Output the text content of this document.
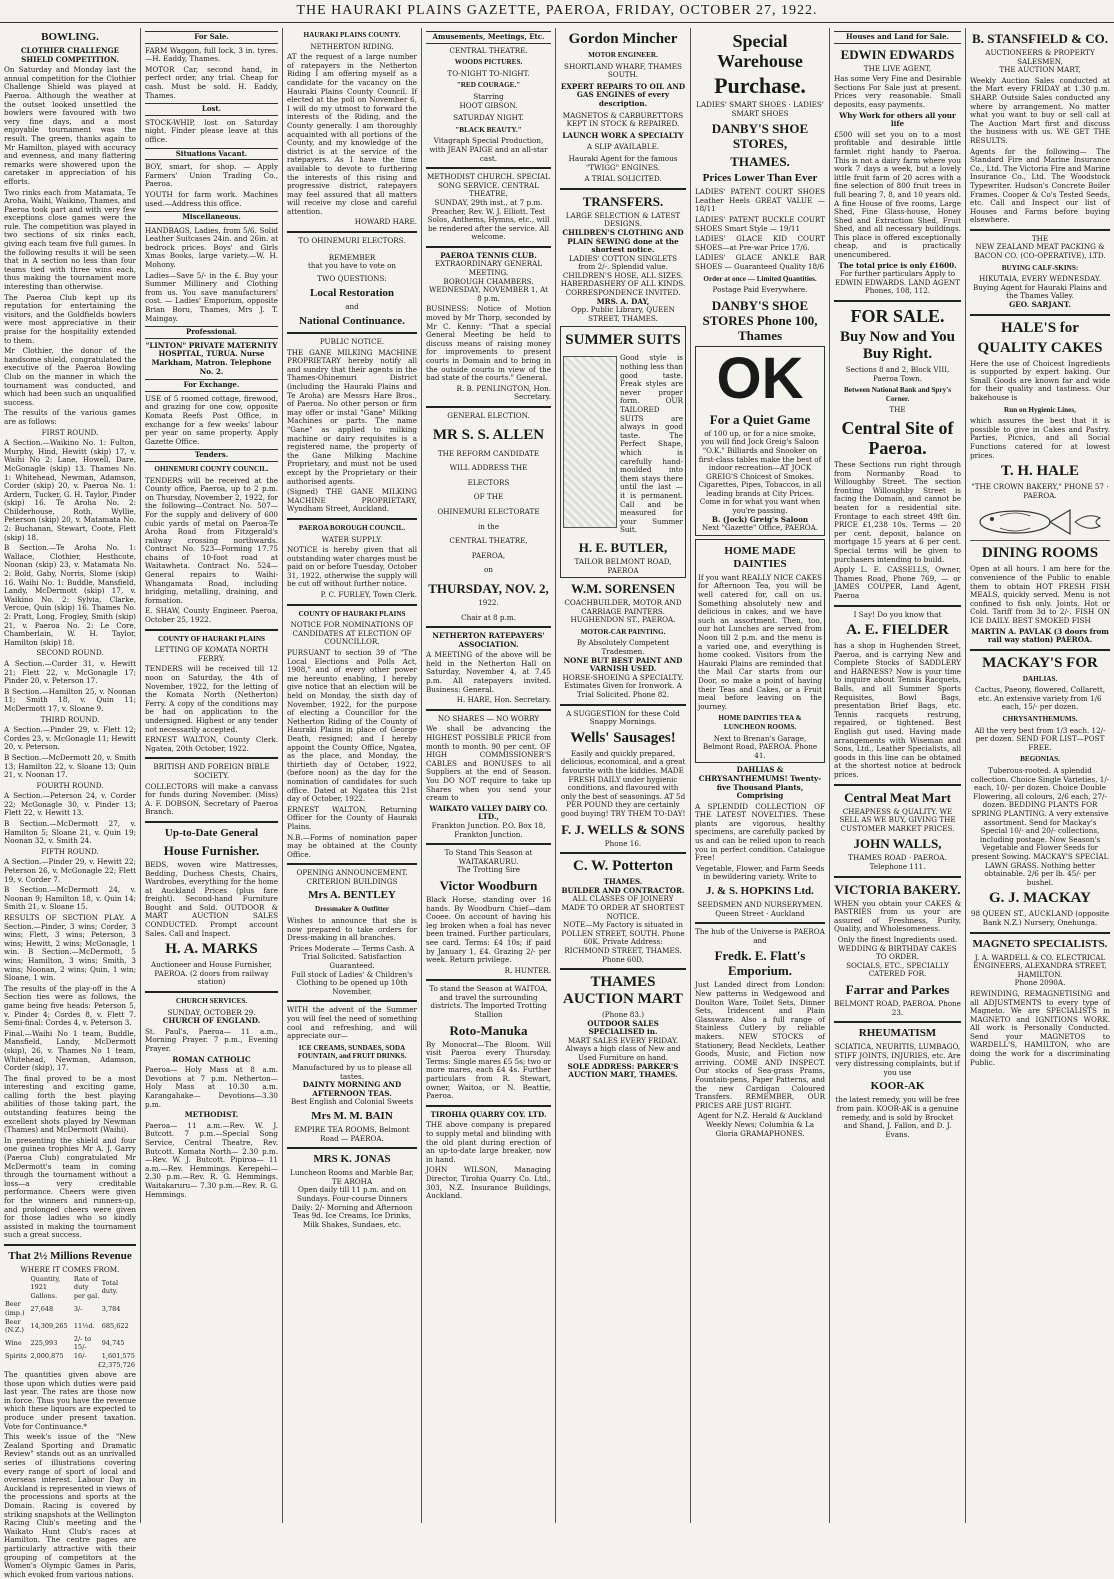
THE HAURAKI PLAINS GAZETTE, PAEROA, FRIDAY, OCTOBER 27, 1922.
BOWLING.
CLOTHIER CHALLENGE SHIELD COMPETITION.
On Saturday and Monday last the annual competition for the Clothier Challenge Shield was played at Paeroa. Although the weather at the outset looked unsettled the bowlers were favoured with two very fine days, and a most enjoyable tournament was the result. The green, thanks again to Mr Hamilton, played with accuracy and evenness, and many flattering remarks were showered upon the caretaker in appreciation of his efforts.
Two rinks each from Matamata, Te Aroha, Waihi, Waikino, Thames, and Paeroa took part and with very few exceptions close games were the rule. The competition was played in two sections of six rinks each, giving each team five full games. In the following results it will be seen that in A section no less than four teams tied with three wins each, thus making the tournament more interesting than otherwise.
The Paeroa Club kept up its reputation for entertaining the visitors, and the Goldfields bowlers were most appreciative in their praise for the hospitality extended to them.
Mr Clothier, the donor of the handsome shield, congratulated the executive of the Paeroa Bowling Club on the manner in which the tournament was conducted, and which had been such an unqualified success.
The results of the various games are as follows:
FIRST ROUND.
A Section.—Waikino No. 1: Fulton, Murphy, Hind, Hewitt (skip) 17, v. Waihi No 2: Lane, Howell, Dare, McGonagle (skip) 13. Thames No. 1: Whitehead, Newman, Adamson, Corder (skip) 20, v. Paeroa No. 1: Ardern, Tucker, G. H. Taylor, Pinder (skip) 16. Te Aroha No. 2: Childerhouse, Roth, Wyllie, Peterson (skip) 20, v. Matamata No. 2: Buchanan, Stewart, Coote, Flett (skip) 18.
B Section.—Te Aroha No. 1: Wallace, Clothier, Hesthcote, Noonan (skip) 23, v. Matamata No. 2: Bold, Gaby, Norris, Slome (skip) 16. Waihi No. 1: Buddle, Mansfield, Landy, McDermott (skip) 17, v. Waikino No. 2: Sylvia, Clarke, Vercoe, Quin (skip) 16. Thames No. 2: Pratt, Long, Frogley, Smith (skip) 21, v. Paeroa No. 2: Le Core, Chamberlain, W. H. Taylor, Hamilton (skip) 18.
SECOND ROUND.
A Section.—Corder 31, v. Hewitt 21; Flett 22, v. McGonagle 17; Pinder 20, v. Peterson 17.
B Section.—Hamilton 25, v. Noonan 11; Smith 18, v. Quin 11; McDermott 17, v. Sloane 9.
THIRD ROUND.
A Section.—Pinder 29, v. Flett 12; Cordes 23, v. McGonagle 11; Hewitt 20, v. Peterson.
B Section.—McDermott 20, v. Smith 13; Hamilton 22, v. Sloane 13; Quin 21, v. Noonan 17.
FOURTH ROUND.
A Section.—Peterson 24, v. Corder 22; McGonagle 30, v. Pinder 13; Flett 22, v. Hewitt 13.
B Section.—McDermott 27, v. Hamilton 5; Sloane 21, v. Quin 19; Noonan 32, v. Smith 24.
FIFTH ROUND.
A Section.—Pinder 29, v. Hewitt 22; Peterson 26, v. McGonagle 22; Flett 19, v. Corder 7.
B Section.—McDermott 24, v. Noonan 9; Hamilton 18, v. Quin 14; Smith 21, v. Sloane 15.
RESULTS OF SECTION PLAY. A Section.—Pinder, 3 wins; Corder, 3 wins; Flett, 3 wins; Peterson, 3 wins; Hewitt, 2 wins; McGonagle, 1 win. B Section.—McDermott, 5 wins; Hamilton, 3 wins; Smith, 3 wins; Noonan, 2 wins; Quin, 1 win; Sloane, 1 win.
The results of the play-off in the A Section ties were as follows, the game being five heads: Peterson 5, v. Pinder 4; Cordes 8, v. Flett 7. Semi-final: Cordes 4, v. Peterson 3.
Final.—Waihi No 1 team, Buddle, Mansfield, Landy, McDermott (skip), 26, v. Thames No 1 team, Whitehead, Newman, Adamson, Corder (skip), 17.
The final proved to be a most interesting and exciting game, calling forth the best playing abilities of those taking part, the outstanding features being the excellent shots played by Newman (Thames) and McDermott (Waihi).
In presenting the shield and four one guinea trophies Mr A. J. Garry (Paeroa Club) congratulated Mr McDermott's team in coming through the tournament without a loss—a very creditable performance. Cheers were given for the winners and runners-up, and prolonged cheers were given for those ladies who so kindly assisted in making the tournament such a great success.
That 2½ Millions Revenue
WHERE IT COMES FROM.
	Quantity, 1921 Gallons.	Rate of duty per gal.	Total duty.
Beer (imp.)	27,648	3/-	3,784
Beer (N.Z.)	14,309,265	11½d.	685,622
Wine	225,993	2/- to 15/-	94,745
Spirits	2,000,875	16/-	1,601,575
£2,375,726			
The quantities given above are those upon which duties were paid last year. The rates are those now in force. Thus you have the revenue which these liquors are expected to produce under present taxation. Vote for Continuance.*
This week's issue of the "New Zealand Sporting and Dramatic Review" stands out as an unrivalled series of illustrations covering every range of sport of local and overseas interest. Labour Day in Auckland is represented in views of the processions and sports at the Domain. Racing is covered by striking snapshots at the Wellington Racing Club's meeting and the Waikato Hunt Club's races at Hamilton. The centre pages are particularly attractive with their grouping of competitors at the Women's Olympic Games in Paris, which evoked from various nations.
For Sale.
FARM Waggon, full lock, 3 in. tyres.—H. Eaddy, Thames.
MOTOR Car, second hand, in perfect order, any trial. Cheap for cash. Must be sold. H. Eaddy, Thames.
Lost.
STOCK-WHIP, lost on Saturday night. Finder please leave at this office.
Situations Vacant.
BOY, smart, for shop. — Apply Farmers' Union Trading Co., Paeroa.
YOUTH for farm work. Machines used.—Address this office.
Miscellaneous.
HANDBAGS, Ladies, from 5/6. Solid Leather Suitcases 24in. and 26in. at bedrock prices. Boys' and Girls Xmas Books, large variety.—W. H. Mohony.
Ladies—Save 5/- in the £. Buy your Summer Millinery and Clothing from us. You save manufacturers' cost. — Ladies' Emporium, opposite Brian Boru, Thames, Mrs J. T. Maingay.
Professional.
"LINTON" PRIVATE MATERNITY HOSPITAL, TURUA. Nurse Markham, Matron. Telephone No. 2.
For Exchange.
USE of 5 roomed cottage, firewood, and grazing for one cow, opposite Komata Reefs Post Office, in exchange for a few weeks' labour per year on same property. Apply Gazette Office.
Tenders.
OHINEMURI COUNTY COUNCIL.
TENDERS will be received at the County office, Paeroa, up to 2 p.m. on Thursday, November 2, 1922, for the following—Contract No. 507—For the supply and delivery of 600 cubic yards of metal on Paeroa-Te Aroha Road from Fitzgerald's railway crossing northwards. Contract No. 523—Forming 17.75 chains of 10-foot road at Waitawheta. Contract No. 524—General repairs to Waihi-Whangamata Road, including bridging, metalling, draining, and formation.
E. SHAW, County Engineer. Paeroa, October 25, 1922.
COUNTY OF HAURAKI PLAINS
LETTING OF KOMATA NORTH FERRY.
TENDERS will be received till 12 noon on Saturday, the 4th of November, 1922, for the letting of the Komata North (Netherton) Ferry. A copy of the conditions may be had on application to the undersigned. Highest or any tender not necessarily accepted.
ERNEST WALTON, County Clerk. Ngatea, 20th October, 1922.
BRITISH AND FOREIGN BIBLE SOCIETY.
COLLECTORS will make a canvass for funds during November. (Miss) A. F. DOBSON, Secretary of Paeroa Branch.
Up-to-Date General
House Furnisher.
BEDS, woven wire Mattresses, Bedding, Duchess Chests, Chairs, Wardrobes, everything for the home at Auckland Prices (plus fare freight). Second-hand Furniture Bought and Sold. OUTDOOR & MART AUCTION SALES CONDUCTED. Prompt account Sales. Call and Inspect.
H. A. MARKS
Auctioneer and House Furnisher, PAEROA. (2 doors from railway station)
CHURCH SERVICES.
SUNDAY, OCTOBER 29.
CHURCH OF ENGLAND.
St. Paul's, Paeroa— 11 a.m., Morning Prayer. 7 p.m., Evening Prayer.
ROMAN CATHOLIC
Paeroa— Holy Mass at 8 a.m. Devotions at 7 p.m. Netherton— Holy Mass at 10.30 a.m. Karangahake— Devotions—3.30 p.m.
METHODIST.
Paeroa— 11 a.m.—Rev. W. J. Butcott. 7 p.m.—Special Song Service, Central Theatre, Rev. Butcott. Komata North— 2.30 p.m.—Rev. W. J. Butcott. Pipiroa— 11 a.m.—Rev. Hemmings. Kerepehi— 2.30 p.m.—Rev. R. G. Hemmings. Waitakaruru— 7.30 p.m.—Rev. R. G. Hemmings.
HAURAKI PLAINS COUNTY.
NETHERTON RIDING.
AT the request of a large number of ratepayers in the Netherton Riding I am offering myself as a candidate for the vacancy on the Hauraki Plains County Council. If elected at the poll on November 6, I will do my utmost to forward the interests of the Riding, and the County generally. I am thoroughly acquainted with all portions of the County, and my knowledge of the district is at the service of the ratepayers. As I have the time available to devote to furthering the interests of this rising and progressive district, ratepayers may feel assured that all matters will receive my close and careful attention.
HOWARD HARE.
TO OHINEMURI ELECTORS.
REMEMBER
that you have to vote on
TWO QUESTIONS:
Local Restoration
and
National Continuance.
PUBLIC NOTICE.
THE GANE MILKING MACHINE PROPRIETARY hereby notify all and sundry that their agents in the Thames-Ohinemuri District (including the Hauraki Plains and Te Aroha) are Messrs Hare Bros., of Paeroa. No other person or firm may offer or instal "Gane" Milking Machines or parts. The name "Gane" as applied to milking machine or dairy requisites is a registered name, the property of the Gane Milking Machine Proprietary, and must not be used except by the Proprietary or their authorised agents.
(Signed) THE GANE MILKING MACHINE PROPRIETARY, Wyndham Street, Auckland.
PAEROA BOROUGH COUNCIL.
WATER SUPPLY.
NOTICE is hereby given that all outstanding water charges must be paid on or before Tuesday, October 31, 1922, otherwise the supply will be cut off without further notice.
P. C. FURLEY, Town Clerk.
COUNTY OF HAURAKI PLAINS
NOTICE FOR NOMINATIONS OF CANDIDATES AT ELECTION OF COUNCILLOR.
PURSUANT to section 39 of "The Local Elections and Polls Act, 1908," and of every other power me hereunto enabling, I hereby give notice that an election will be held on Monday, the sixth day of November, 1922, for the purpose of electing a Councillor for the Netherton Riding of the County of Hauraki Plains in place of George Death, resigned; and I hereby appoint the County Office, Ngatea, as the place, and Monday, the thirtieth day of October, 1922, (before noon) as the day for the nomination of candidates for such office. Dated at Ngatea this 21st day of October, 1922.
ERNEST WALTON, Returning Officer for the County of Hauraki Plains.
N.B.—Forms of nomination paper may be obtained at the County Office.
OPENING ANNOUNCEMENT.
CRITERION BUILDINGS
Mrs A. BENTLEY
Dressmaker & Outfitter
Wishes to announce that she is now prepared to take orders for Dress-making in all branches.
Prices Moderate — Terms Cash. A Trial Solicited. Satisfaction Guaranteed.
Full stock of Ladies' & Children's Clothing to be opened up 10th November.
WITH the advent of the Summer you will feel the need of something cool and refreshing, and will appreciate our—
ICE CREAMS, SUNDAES, SODA FOUNTAIN, and FRUIT DRINKS.
Manufactured by us to please all tastes.
DAINTY MORNING AND AFTERNOON TEAS.
Best English and Colonial Sweets
Mrs M. M. BAIN
EMPIRE TEA ROOMS, Belmont Road — PAEROA.
MRS K. JONAS
Luncheon Rooms and Marble Bar, TE AROHA
Open daily till 11 p.m. and on Sundays. Four-course Dinners Daily: 2/- Morning and Afternoon Teas 9d. Ice Creams, Ice Drinks, Milk Shakes, Sundaes, etc.
Amusements, Meetings, Etc.
CENTRAL THEATRE.
WOODS PICTURES.
TO-NIGHT TO-NIGHT.
"RED COURAGE."
Starring
HOOT GIBSON.
SATURDAY NIGHT.
"BLACK BEAUTY."
Vitagraph Special Production, with JEAN PAIGE and an all-star cast.
METHODIST CHURCH. SPECIAL SONG SERVICE. CENTRAL THEATRE,
SUNDAY, 29th inst., at 7 p.m. Preacher, Rev. W. J. Elliott. Test Solos, Anthems, Hymns, etc., will be rendered after the service. All welcome.
PAEROA TENNIS CLUB.
EXTRAORDINARY GENERAL MEETING.
BOROUGH CHAMBERS. WEDNESDAY, NOVEMBER 1, At 8 p.m.
BUSINESS: Notice of Motion moved by Mr Thorp, seconded by Mr C. Kenny: "That a special General Meeting be held to discuss means of raising money for improvements to present courts in Domain and to bring in the outside courts in view of the bad state of the courts." General.
R. B. PENLINGTON, Hon. Secretary.
GENERAL ELECTION.
MR S. S. ALLEN
THE REFORM CANDIDATE
WILL ADDRESS THE
ELECTORS
OF THE
OHINEMURI ELECTORATE
in the
CENTRAL THEATRE,
PAEROA,
on
THURSDAY, NOV. 2,
1922.
Chair at 8 p.m.
NETHERTON RATEPAYERS' ASSOCIATION.
A MEETING of the above will be held in the Netherton Hall on Saturday, November 4, at 7.45 p.m. All ratepayers invited. Business: General.
H. HARE, Hon. Secretary.
NO SHARES — NO WORRY
We shall be advancing the HIGHEST POSSIBLE PRICE from month to month. 90 per cent. OF HIGH COMMISSIONER'S CABLES and BONUSES to all Suppliers at the end of Season. You DO NOT require to take up Shares when you send your cream to
WAIKATO VALLEY DAIRY CO. LTD.,
Frankton Junction. P.O. Box 18, Frankton Junction.
To Stand This Season at WAITAKARURU.
The Trotting Sire
Victor Woodburn
Black Horse, standing over 16 hands. By Woodburn Chief—dam Cooee. On account of having his leg broken when a foal has never been trained. Further particulars, see card. Terms: £4 10s; if paid by January 1, £4. Grazing 2/- per week. Return privilege.
R. HUNTER.
To stand the Season at WAITOA, and travel the surrounding districts. The Imported Trotting Stallion
Roto-Manuka
By Monocrat—The Bloom. Will visit Paeroa every Thursday. Terms: Single mares £5 5s; two or more mares, each £4 4s. Further particulars from R. Stewart, owner, Waitoa, or N. Beattie, Paeroa.
TIROHIA QUARRY COY. LTD.
THE above company is prepared to supply metal and blinding with the old plant during erection of an up-to-date large breaker, now in hand.
JOHN WILSON, Managing Director, Tirohia Quarry Co. Ltd., 303, N.Z. Insurance Buildings, Auckland.
Gordon Mincher
MOTOR ENGINEER.
SHORTLAND WHARF, THAMES SOUTH.
EXPERT REPAIRS TO OIL AND GAS ENGINES of every description.
MAGNETOS & CARBURETTORS KEPT IN STOCK & REPAIRED.
LAUNCH WORK A SPECIALTY
A SLIP AVAILABLE.
Hauraki Agent for the famous "TWIGG" ENGINES.
A TRIAL SOLICITED.
TRANSFERS.
LARGE SELECTION & LATEST DESIGNS.
CHILDREN'S CLOTHING AND PLAIN SEWING done at the shortest notice.
LADIES' COTTON SINGLETS from 2/-. Splendid value. CHILDREN'S HOSE, ALL SIZES. HABERDASHERY OF ALL KINDS. CORRESPONDENCE INVITED.
MRS. A. DAY,
Opp. Public Library, QUEEN STREET, THAMES.
SUMMER SUITS
Good style is nothing less than good taste. Freak styles are never proper form. OUR TAILORED SUITS are always in good taste. The Perfect Shape, which is carefully hand-moulded into them stays there until the last — it is permanent. Call and be measured for your Summer Suit.
H. E. BUTLER,
TAILOR BELMONT ROAD, PAEROA
W.M. SORENSEN
COACHBUILDER, MOTOR AND CARRIAGE PAINTERS.
HUGHENDON ST., PAEROA.
MOTOR-CAR PAINTING.
By Absolutely Competent Tradesmen.
NONE BUT BEST PAINT AND VARNISH USED.
HORSE-SHOEING A SPECIALTY.
Estimates Given for Ironwork. A Trial Solicited. Phone 82.
A SUGGESTION for these Cold Snappy Mornings.
Wells' Sausages!
Easily and quickly prepared, delicious, economical, and a great favourite with the kiddies. MADE FRESH DAILY under hygienic conditions, and flavoured with only the best of seasonings. AT 5d PER POUND they are certainly good buying! TRY THEM TO-DAY!
F. J. WELLS & SONS
Phone 16.
C. W. Potterton
THAMES.
BUILDER AND CONTRACTOR.
ALL CLASSES OF JOINERY MADE TO ORDER AT SHORTEST NOTICE.
NOTE—My Factory is situated in POLLEN STREET, SOUTH. Phone 60K. Private Address: RICHMOND STREET, THAMES. Phone 60D.
THAMES AUCTION MART
(Phone 83.)
OUTDOOR SALES SPECIALISED in.
MART SALES EVERY FRIDAY. Always a high class of New and Used Furniture on hand.
SOLE ADDRESS: PARKER'S AUCTION MART, THAMES.
Special Warehouse
Purchase.
LADIES' SMART SHOES · LADIES' SMART SHOES
DANBY'S SHOE STORES,
THAMES.
Prices Lower Than Ever
LADIES' PATENT COURT SHOES Leather Heels GREAT VALUE — 18/11
LADIES' PATENT BUCKLE COURT SHOES Smart Style — 19/11
LADIES' GLACE KID COURT SHOES—at Pre-war Price 17/6.
LADIES' GLACE ANKLE BAR SHOES — Guaranteed Quality 18/6
Order at once — Limited Quantities.
Postage Paid Everywhere.
DANBY'S SHOE STORES Phone 100, Thames
OK
For a Quiet Game
of 100 up, or for a nice smoke, you will find Jock Greig's Saloon "O.K." Billiards and Snooker on first-class tables make the best of indoor recreation—AT JOCK GREIG'S Choicest of Smokes. Cigarettes, Pipes, Tobaccos, in all leading brands at City Prices. Come in for what you want when you're passing.
B. (Jock) Greig's Saloon
Next "Gazette" Office, PAEROA.
HOME MADE DAINTIES
If you want REALLY NICE CAKES for Afternoon Tea, you will be well catered for, call on us. Something absolutely new and delicious in cakes, and we have such an assortment. Then, too, our hot Lunches are served from Noon till 2 p.m. and the menu is a varied one, and everything is home cooked. Visitors from the Hauraki Plains are reminded that the Mail Car starts from our Door, so make a point of having their Teas and Cakes, or a Fruit meal before leaving on the journey.
HOME DAINTIES TEA & LUNCHEON ROOMS.
Next to Brenan's Garage, Belmont Road, PAEROA. Phone 41.
DAHLIAS & CHRYSANTHEMUMS! Twenty-five Thousand Plants, Comprising
A SPLENDID COLLECTION OF THE LATEST NOVELTIES. These plants are vigorous, healthy specimens, are carefully packed by us and can be relied upon to reach you in perfect condition. Catalogue Free!
Vegetable, Flower, and Farm Seeds in bewildering variety. Write to
J. & S. HOPKINS Ltd.
SEEDSMEN AND NURSERYMEN. Queen Street · Auckland
The hub of the Universe is PAEROA and
Fredk. E. Flatt's Emporium.
Just Landed direct from London: New patterns in Wedgewood and Doulton Ware, Toilet Sets, Dinner Sets, Iridescent and Plain Glassware. Also a full range of Stainless Cutlery by reliable makers. NEW STOCKS of Stationery, Bead Necklets, Leather Goods, Music, and Fiction now arriving. COME AND INSPECT. Our stocks of Sea-grass Prams, Fountain-pens, Paper Patterns, and the new Cardigan Coloured Transfers. REMEMBER, OUR PRICES ARE JUST RIGHT.
Agent for N.Z. Herald & Auckland Weekly News; Columbia & La Gloria GRAMAPHONES.
Houses and Land for Sale.
EDWIN EDWARDS
THE LIVE AGENT,
Has some Very Fine and Desirable Sections For Sale just at present. Prices very reasonable. Small deposits, easy payments.
Why Work for others all your life
£500 will set you on to a most profitable and desirable little farmlet right handy to Paeroa. This is not a dairy farm where you work 7 days a week, but a lovely little fruit farm of 20 acres with a fine selection of 800 fruit trees in full bearing 7, 8, and 10 years old. A fine House of five rooms, Large Shed, Fine Glass-house, Honey Shed and Extraction Shed, Fruit Shed, and all necessary buildings. This place is offered exceptionally cheap, and is practically unencumbered.
The total price is only £1600.
For further particulars Apply to EDWIN EDWARDS. LAND AGENT Phones, 108, 112.
FOR SALE.
Buy Now and You Buy Right.
Sections 8 and 2, Block VIII, Paeroa Town.
Between National Bank and Spry's Corner.
THE
Central Site of Paeroa.
These Sections run right through from Normanby Road to Willoughby Street. The section fronting Willoughby Street is facing the Domain, and cannot be beaten for a residential site. Frontage to each street 49ft 6in. PRICE £1,238 10s. Terms — 20 per cent. deposit, balance on mortgage 15 years at 6 per cent. Special terms will be given to purchasers intending to build.
Apply L. E. CASSELLS, Owner, Thames Road, Phone 769, — or JAMES COUPER, Land Agent, Paeroa
I Say! Do you know that
A. E. FIELDER
has a shop in Hughenden Street, Paeroa, and is carrying New and Complete Stocks of SADDLERY and HARNESS? Now is your time to inquire about Tennis Racquets, Balls, and all Summer Sports Requisites, Bowl Bags, presentation Brief Bags, etc. Tennis racquets restrung, repaired, or tightened. Best English gut used. Having made arrangements with Wiseman and Sons, Ltd., Leather Specialists, all goods in this line can be obtained at the shortest notice at bedrock prices.
Central Meat Mart
CHEAPNESS & QUALITY. WE SELL AS WE BUY, GIVING THE CUSTOMER MARKET PRICES.
JOHN WALLS,
THAMES ROAD · PAEROA. Telephone 111.
VICTORIA BAKERY.
WHEN you obtain your CAKES & PASTRIES from us your are assured of Freshness, Purity, Quality, and Wholesomeness.
Only the finest Ingredients used.
WEDDING & BIRTHDAY CAKES TO ORDER.
SOCIALS, ETC., SPECIALLY CATERED FOR.
Farrar and Parkes
BELMONT ROAD, PAEROA. Phone 23.
RHEUMATISM
SCIATICA, NEURITIS, LUMBAGO, STIFF JOINTS, INJURIES, etc. Are very distressing complaints, but if you use
KOOR-AK
the latest remedy, you will be free from pain. KOOR-AK is a genuine remedy, and is sold by Brocket and Shand, J. Fallon, and D. J. Evans.
B. STANSFIELD & CO.
AUCTIONEERS & PROPERTY SALESMEN,
THE AUCTION MART,
Weekly Auction Sales conducted at the Mart every FRIDAY at 1.30 p.m. SHARP. Outside Sales conducted any where by arrangement. No matter what you want to buy or sell call at The Auction Mart first and discuss the business with us. WE GET THE RESULTS.
Agents for the following— The Standard Fire and Marine Insurance Co., Ltd. The Victoria Fire and Marine Insurance Co., Ltd. The Woodstock Typewriter. Hudson's Concrete Boiler Frames. Cooper & Co's Tested Seeds, etc. Call and Inspect our list of Houses and Farms before buying elsewhere.
THE
NEW ZEALAND MEAT PACKING & BACON CO. (CO-OPERATIVE), LTD.
BUYING CALF-SKINS:
HIKUTAIA, EVERY WEDNESDAY.
Buying Agent for Hauraki Plains and the Thames Valley.
GEO. SARJANT.
HALE'S for
QUALITY CAKES
Here the use of Choicest Ingredients is supported by expert baking. Our Small Goods are known far and wide for their quality and tastiness. Our bakehouse is
Run on Hygienic Lines,
which assures the best that it is possible to give in Cakes and Pastry. Parties, Picnics, and all Social Functions catered for at lowest prices.
T. H. HALE
"THE CROWN BAKERY," PHONE 57 · PAEROA.
DINING ROOMS
Open at all hours. I am here for the convenience of the Public to enable them to obtain HOT FRESH FISH MEALS, quickly served. Menu is not confined to fish only. Joints, Hot or Cold. Tariff from 3d to 2/-. FISH ON ICE DAILY. BEST SMOKED FISH
MARTIN A. PAVLAK (3 doors from rail way station) PAEROA.
MACKAY'S FOR
DAHLIAS.
Cactus, Paeony, flowered, Collarett, etc. An extensive variety from 1/6 each, 15/- per dozen.
CHRYSANTHEMUMS.
All the very best from 1/3 each. 12/- per dozen. SEND FOR LIST—POST FREE.
BEGONIAS.
Tuberous-rooted. A splendid collection. Choice Single Varieties, 1/- each, 10/- per dozen. Choice Double Flowering, all colours, 2/6 each, 27/- dozen. BEDDING PLANTS FOR SPRING PLANTING. A very extensive assortment. Send for Mackay's Special 10/- and 20/- collections, including postage. Now Season's Vegetable and Flower Seeds for present Sowing. MACKAY'S SPECIAL LAWN GRASS. Nothing better obtainable. 2/6 per lb. 45/- per bushel.
G. J. MACKAY
98 QUEEN ST., AUCKLAND (opposite Bank N.Z.) Nursery, Onehunga.
MAGNETO SPECIALISTS.
J. A. WARDELL & CO. ELECTRICAL ENGINEERS, ALEXANDRA STREET, HAMILTON.
Phone 2090A.
REWINDING, REMAGNETISING and all ADJUSTMENTS to every type of Magneto. We are SPECIALISTS in MAGNETO and IGNITIONS WORK. All work is Personally Conducted. Send your MAGNETOS to WARDELL'S, HAMILTON, who are doing the work for a discriminating Public.
